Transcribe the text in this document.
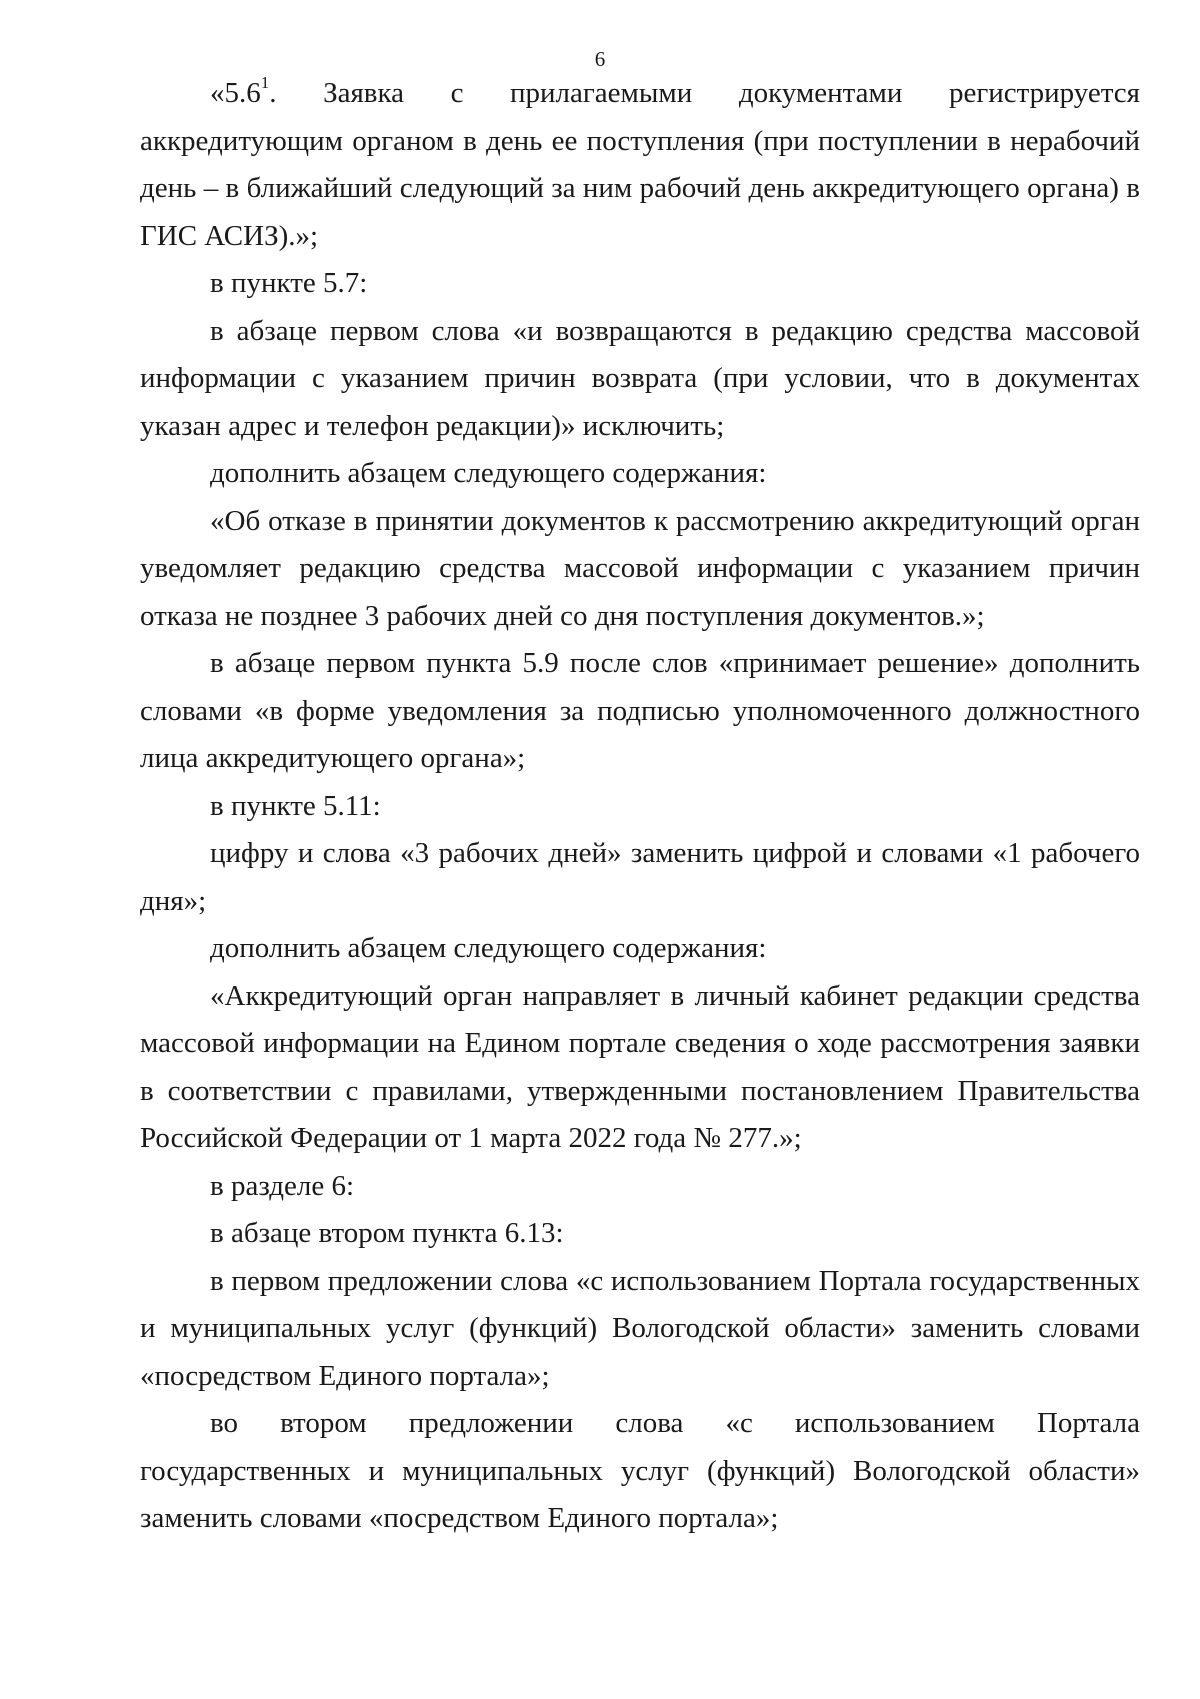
6

«$5.6^1$. Заявка с прилагаемыми документами регистрируется аккредитующим органом в день ее поступления (при поступлении в нерабочий день – в ближайший следующий за ним рабочий день аккредитующего органа) в ГИС АСИЗ).»;

в пункте 5.7:

в абзаце первом слова «и возвращаются в редакцию средства массовой информации с указанием причин возврата (при условии, что в документах указан адрес и телефон редакции)» исключить;

дополнить абзацем следующего содержания:

«Об отказе в принятии документов к рассмотрению аккредитующий орган уведомляет редакцию средства массовой информации с указанием причин отказа не позднее 3 рабочих дней со дня поступления документов.»;

в абзаце первом пункта 5.9 после слов «принимает решение» дополнить словами «в форме уведомления за подписью уполномоченного должностного лица аккредитующего органа»;

в пункте 5.11:

цифру и слова «3 рабочих дней» заменить цифрой и словами «1 рабочего дня»;

дополнить абзацем следующего содержания:

«Аккредитующий орган направляет в личный кабинет редакции средства массовой информации на Едином портале сведения о ходе рассмотрения заявки в соответствии с правилами, утвержденными постановлением Правительства Российской Федерации от 1 марта 2022 года № 277.»;

в разделе 6:

в абзаце втором пункта 6.13:

в первом предложении слова «с использованием Портала государственных и муниципальных услуг (функций) Вологодской области» заменить словами «посредством Единого портала»;

во втором предложении слова «с использованием Портала государственных и муниципальных услуг (функций) Вологодской области» заменить словами «посредством Единого портала»;
